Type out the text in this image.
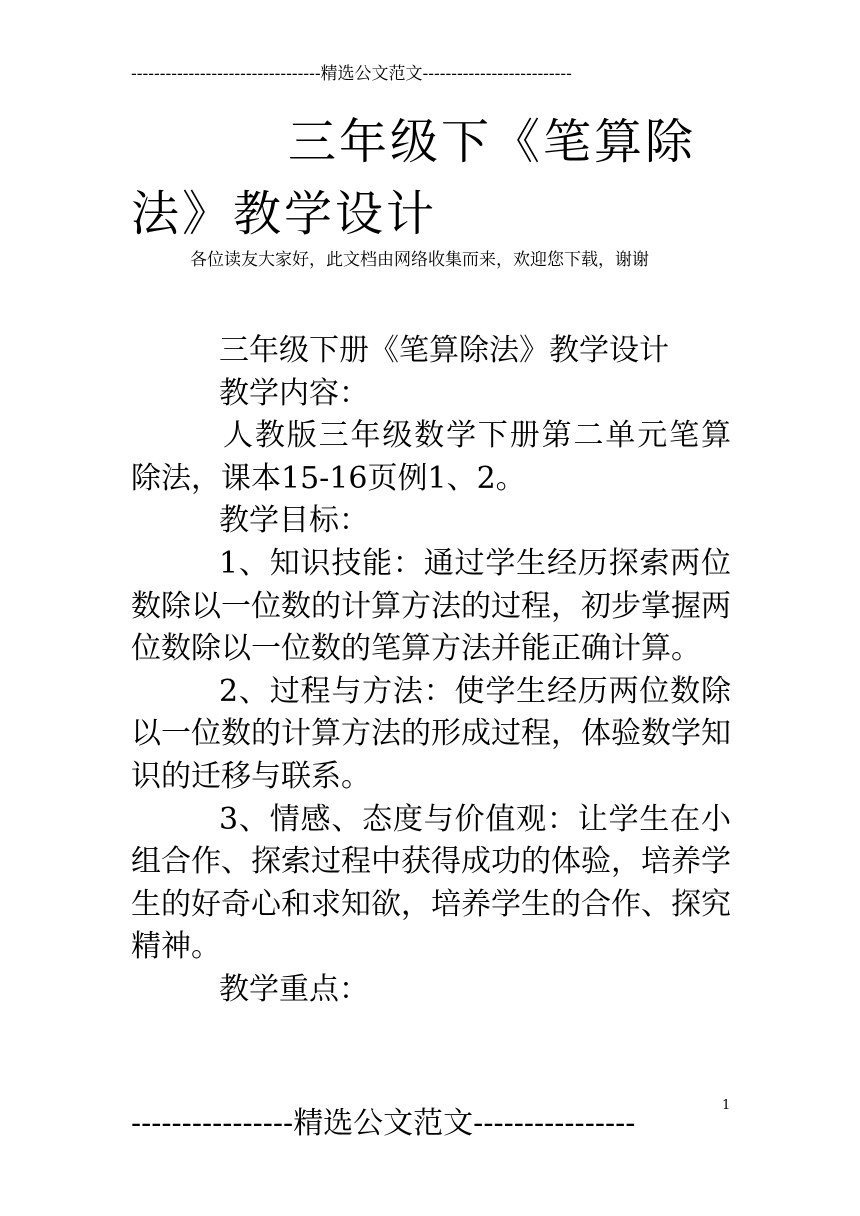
---------------------------------精选公文范文--------------------------
三年级下《笔算除法》教学设计
各位读友大家好，此文档由网络收集而来，欢迎您下载，谢谢

三年级下册《笔算除法》教学设计

教学内容：

人教版三年级数学下册第二单元笔算除法，课本15-16页例1、2。

教学目标：

1、知识技能：通过学生经历探索两位数除以一位数的计算方法的过程，初步掌握两位数除以一位数的笔算方法并能正确计算。

2、过程与方法：使学生经历两位数除以一位数的计算方法的形成过程，体验数学知识的迁移与联系。

3、情感、态度与价值观：让学生在小组合作、探索过程中获得成功的体验，培养学生的好奇心和求知欲，培养学生的合作、探究精神。

教学重点：

----------------精选公文范文----------------
1
